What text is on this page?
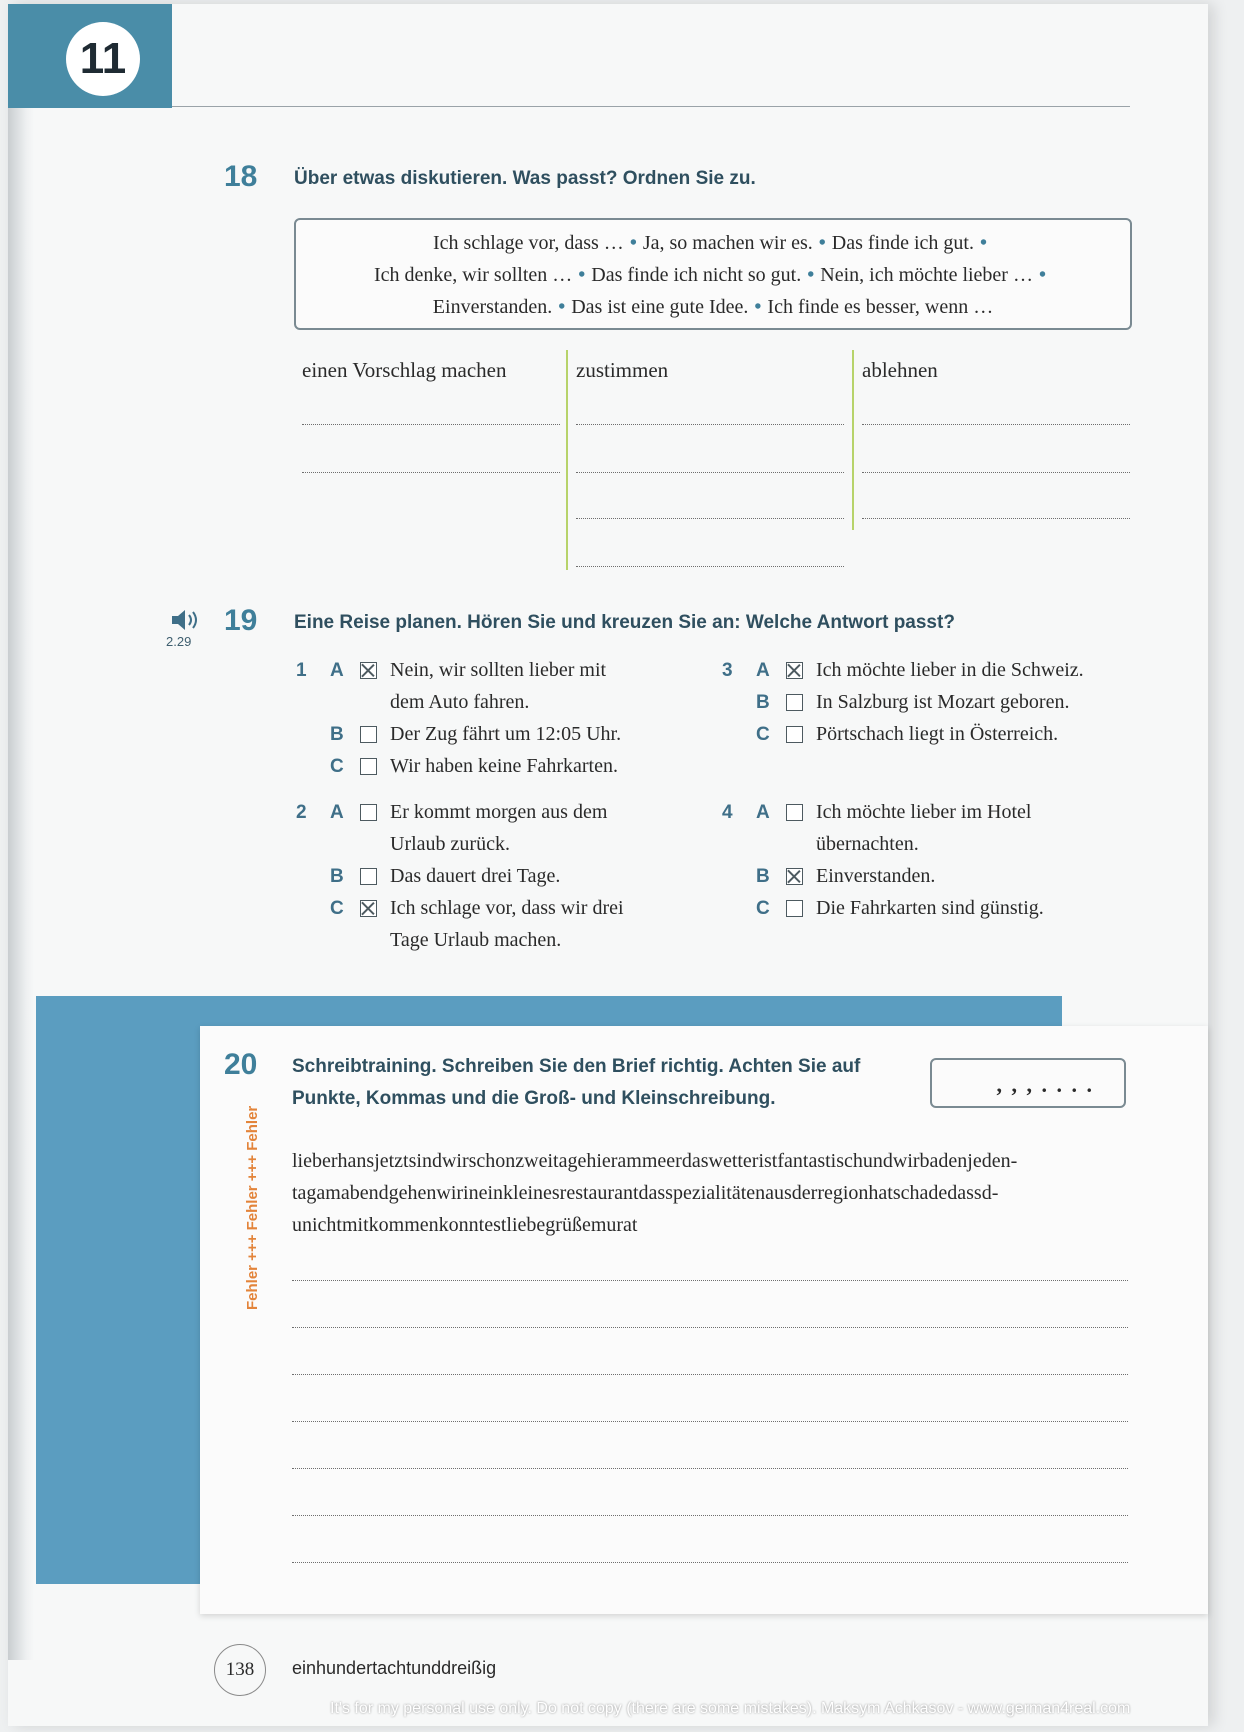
11
18 Über etwas diskutieren. Was passt? Ordnen Sie zu.
Ich schlage vor, dass … • Ja, so machen wir es. • Das finde ich gut. •
Ich denke, wir sollten … • Das finde ich nicht so gut. • Nein, ich möchte lieber … •
Einverstanden. • Das ist eine gute Idee. • Ich finde es besser, wenn …
einen Vorschlag machen	zustimmen	ablehnen
2.29
19 Eine Reise planen. Hören Sie und kreuzen Sie an: Welche Antwort passt?
1 A Nein, wir sollten lieber mit
dem Auto fahren.
B Der Zug fährt um 12:05 Uhr.
C Wir haben keine Fahrkarten.
2 A Er kommt morgen aus dem
Urlaub zurück.
B Das dauert drei Tage.
C Ich schlage vor, dass wir drei
Tage Urlaub machen.
3 A Ich möchte lieber in die Schweiz.
B In Salzburg ist Mozart geboren.
C Pörtschach liegt in Österreich.
4 A Ich möchte lieber im Hotel
übernachten.
B Einverstanden.
C Die Fahrkarten sind günstig.
Fehler +++ Fehler +++ Fehler
20 Schreibtraining. Schreiben Sie den Brief richtig. Achten Sie auf
Punkte, Kommas und die Groß- und Kleinschreibung.
, , , . . . .
lieberhansjetztsindwirschonzweitagehierammeerdaswetteristfantastischundwirbadenjeden-
tagamabendgehenwirineinkleinesrestaurantdasspezialitätenausderregionhatschadedassd-
unichtmitkommenkonntestliebegrüßemurat
138	einhundertachtunddreißig
It's for my personal use only. Do not copy (there are some mistakes). Maksym Achkasov - www.german4real.com
